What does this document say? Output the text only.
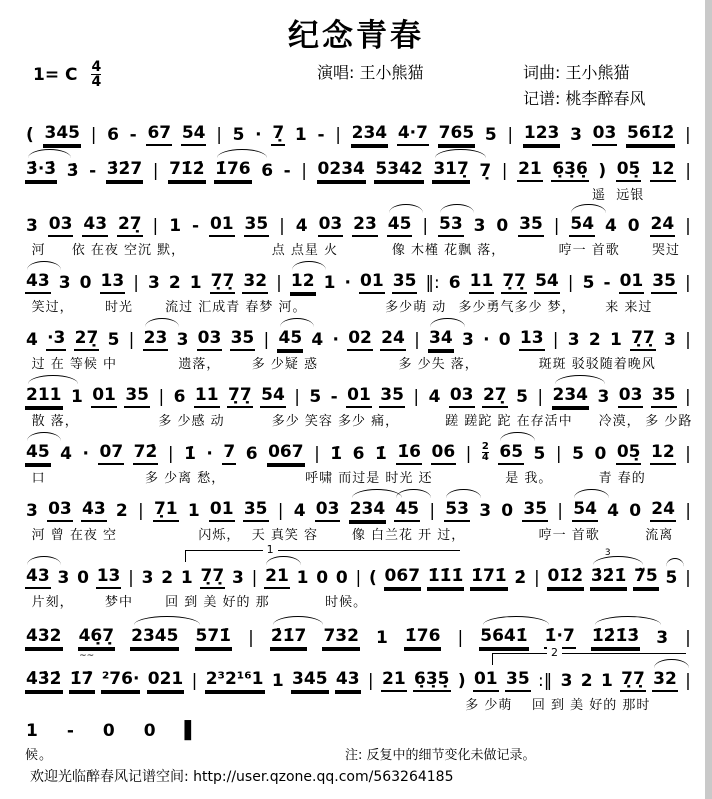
纪念青春
1= C $\frac{4}{4}$	演唱: 王小熊猫	词曲: 王小熊猫
记谱: 桃李醉春风
( 345 | 6 - 67 54 | 5 · 7̣ 1 - | 234 4·7 765 5 | 123 3 03 561̇2̇ |
3̇·3̇ 3̇ - 3̇2̇7 | 71̇2̇ 1̇76 6 - | 0234 5342 317̣ 7̣ | 21 6̣3̣6̣ ) 05̣ 12 |
遥  远银
3 03 43 27̣ | 1 - 01 35 | 4 03 23 45 | 53 3 0 35 | 54 4 0 24 |
河 依 在夜 空沉 默，	点 点星 火	像 木槿 花飘 落，	哼一 首歌 哭过
43 3 0 13 | 3 2 1 7̣7̣ 32 | 12 1 · 01 35 ‖: 6 11 7̣7̣ 54 | 5 - 01 35 |
笑过， 时光 流过 汇成青 春梦 河。	多少萌 动 多少勇气多少 梦， 来 来过
4 ·3 27̣ 5 | 23 3 03 35 | 45 4 · 02 24 | 34 3 · 0 13 | 3 2 1 7̣7̣ 3 |
过 在 等候 中	遗落， 多 少疑 惑	多 少失 落，	斑斑 驳驳随着晚风
211 1 01 35 | 6 11 7̣7̣ 54 | 5 - 01 35 | 4 03 27̣ 5 | 234 3 03 35 |
散 落，	多 少感 动	多少 笑容 多少 痛，	蹉 蹉跎 跎 在存活中 冷漠， 多 少路
45 4 · 07 72̇ | 1̇ · 7 6 067 | 1̇ 6 1̇ 1̇6 06 | $\frac{2}{4} 65$ 5 | 5 0 05̣ 12 |
口	多 少离 愁，	呼啸 而过是 时光 还	是 我。	青 春的
3 03 43 2 | 7̣1 1 01 35 | 4 03 234 45 | 53 3 0 35 | 54 4 0 24 |
河 曾 在夜 空	闪烁， 天 真笑 容	像 白兰花 开 过，	哼一 首歌	流离
1
43 3 0 13 | 3 2 1 7̣7̣ 3 | 21 1 0 0 | ( 067 1̇1̇1̇ 1̇71̇ 2̇ | 01̇2̇ 3̇2̇1̇
3
7̃5 5 |
片刻， 梦中 回 到 美 好的 那	时候。
432 46̣7̣ 2345 571̇ | 2̇1̇7 732 1 1̇76 | 5641̇ 1̇·7 1̇2̇1̇3̇ 3 |
2
4̇3̇2̇ 1̇7̇
~~
²76· 021 | 2³2¹⁶1 1 345 43 | 21 6̣3̣5̣ ) 01 35 :‖ 3 2 1 7̣7̣ 32 |
多 少萌 回 到 美 好的 那时
1 - 0 0 ▌
候。	注: 反复中的细节变化未做记录。
欢迎光临醉春风记谱空间: http://user.qzone.qq.com/563264185
